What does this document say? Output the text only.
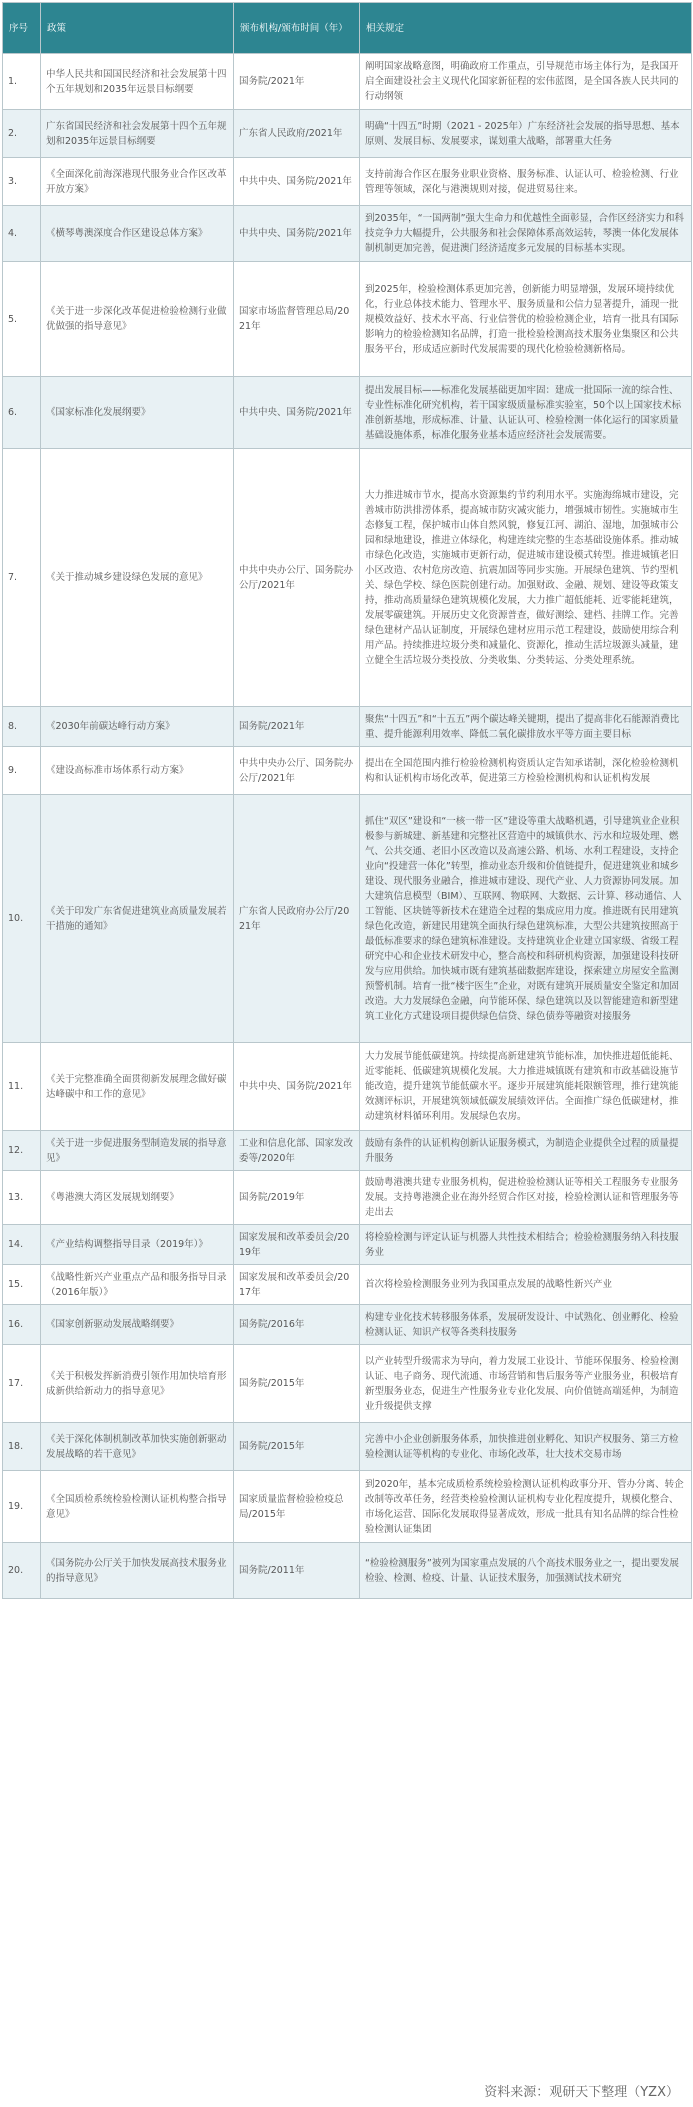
序号	政策	颁布机构/颁布时间（年）	相关规定
1.	中华人民共和国国民经济和社会发展第十四个五年规划和2035年远景目标纲要	国务院/2021年	阐明国家战略意图，明确政府工作重点，引导规范市场主体行为，是我国开启全面建设社会主义现代化国家新征程的宏伟蓝图，是全国各族人民共同的行动纲领
2.	广东省国民经济和社会发展第十四个五年规划和2035年远景目标纲要	广东省人民政府/2021年	明确“十四五”时期（2021 - 2025年）广东经济社会发展的指导思想、基本原则、发展目标、发展要求，谋划重大战略，部署重大任务
3.	《全面深化前海深港现代服务业合作区改革开放方案》	中共中央、国务院/2021年	支持前海合作区在服务业职业资格、服务标准、认证认可、检验检测、行业管理等领域，深化与港澳规则对接，促进贸易往来。
4.	《横琴粤澳深度合作区建设总体方案》	中共中央、国务院/2021年	到2035年，“一国两制”强大生命力和优越性全面彰显，合作区经济实力和科技竞争力大幅提升，公共服务和社会保障体系高效运转，琴澳一体化发展体制机制更加完善，促进澳门经济适度多元发展的目标基本实现。
5.	《关于进一步深化改革促进检验检测行业做优做强的指导意见》	国家市场监督管理总局/2021年	到2025年，检验检测体系更加完善，创新能力明显增强，发展环境持续优化，行业总体技术能力、管理水平、服务质量和公信力显著提升，涌现一批规模效益好、技术水平高、行业信誉优的检验检测企业，培育一批具有国际影响力的检验检测知名品牌，打造一批检验检测高技术服务业集聚区和公共服务平台，形成适应新时代发展需要的现代化检验检测新格局。
6.	《国家标准化发展纲要》	中共中央、国务院/2021年	提出发展目标——标准化发展基础更加牢固：建成一批国际一流的综合性、专业性标准化研究机构，若干国家级质量标准实验室，50个以上国家技术标准创新基地，形成标准、计量、认证认可、检验检测一体化运行的国家质量基础设施体系，标准化服务业基本适应经济社会发展需要。
7.	《关于推动城乡建设绿色发展的意见》	中共中央办公厅、国务院办公厅/2021年	大力推进城市节水，提高水资源集约节约利用水平。实施海绵城市建设，完善城市防洪排涝体系，提高城市防灾减灾能力，增强城市韧性。实施城市生态修复工程，保护城市山体自然风貌，修复江河、湖泊、湿地，加强城市公园和绿地建设，推进立体绿化，构建连续完整的生态基础设施体系。推动城市绿色化改造，实施城市更新行动，促进城市建设模式转型。推进城镇老旧小区改造、农村危房改造、抗震加固等同步实施。开展绿色建筑、节约型机关、绿色学校、绿色医院创建行动。加强财政、金融、规划、建设等政策支持，推动高质量绿色建筑规模化发展，大力推广超低能耗、近零能耗建筑，发展零碳建筑。开展历史文化资源普查，做好测绘、建档、挂牌工作。完善绿色建材产品认证制度，开展绿色建材应用示范工程建设，鼓励使用综合利用产品。持续推进垃圾分类和减量化、资源化，推动生活垃圾源头减量，建立健全生活垃圾分类投放、分类收集、分类转运、分类处理系统。
8.	《2030年前碳达峰行动方案》	国务院/2021年	聚焦“十四五”和“十五五”两个碳达峰关键期，提出了提高非化石能源消费比重、提升能源利用效率、降低二氧化碳排放水平等方面主要目标
9.	《建设高标准市场体系行动方案》	中共中央办公厅、国务院办公厅/2021年	提出在全国范围内推行检验检测机构资质认定告知承诺制，深化检验检测机构和认证机构市场化改革，促进第三方检验检测机构和认证机构发展
10.	《关于印发广东省促进建筑业高质量发展若干措施的通知》	广东省人民政府办公厅/2021年	抓住“双区”建设和“一核一带一区”建设等重大战略机遇，引导建筑业企业积极参与新城建、新基建和完整社区营造中的城镇供水、污水和垃圾处理、燃气、公共交通、老旧小区改造以及高速公路、机场、水利工程建设，支持企业向“投建营一体化”转型，推动业态升级和价值链提升，促进建筑业和城乡建设、现代服务业融合，推进城市建设、现代产业、人力资源协同发展。加大建筑信息模型（BIM）、互联网、物联网、大数据、云计算、移动通信、人工智能、区块链等新技术在建造全过程的集成应用力度。推进既有民用建筑绿色化改造，新建民用建筑全面执行绿色建筑标准，大型公共建筑按照高于最低标准要求的绿色建筑标准建设。支持建筑业企业建立国家级、省级工程研究中心和企业技术研发中心，整合高校和科研机构资源，加强建设科技研发与应用供给。加快城市既有建筑基础数据库建设，探索建立房屋安全监测预警机制。培育一批“楼宇医生”企业，对既有建筑开展质量安全鉴定和加固改造。大力发展绿色金融，向节能环保、绿色建筑以及以智能建造和新型建筑工业化方式建设项目提供绿色信贷、绿色债券等融资对接服务
11.	《关于完整准确全面贯彻新发展理念做好碳达峰碳中和工作的意见》	中共中央、国务院/2021年	大力发展节能低碳建筑。持续提高新建建筑节能标准，加快推进超低能耗、近零能耗、低碳建筑规模化发展。大力推进城镇既有建筑和市政基础设施节能改造，提升建筑节能低碳水平。逐步开展建筑能耗限额管理，推行建筑能效测评标识，开展建筑领域低碳发展绩效评估。全面推广绿色低碳建材，推动建筑材料循环利用。发展绿色农房。
12.	《关于进一步促进服务型制造发展的指导意见》	工业和信息化部、国家发改委等/2020年	鼓励有条件的认证机构创新认证服务模式，为制造企业提供全过程的质量提升服务
13.	《粤港澳大湾区发展规划纲要》	国务院/2019年	鼓励粤港澳共建专业服务机构，促进检验检测认证等相关工程服务专业服务发展。支持粤港澳企业在海外经贸合作区对接，检验检测认证和管理服务等走出去
14.	《产业结构调整指导目录（2019年）》	国家发展和改革委员会/2019年	将检验检测与评定认证与机器人共性技术相结合；检验检测服务纳入科技服务业
15.	《战略性新兴产业重点产品和服务指导目录（2016年版）》	国家发展和改革委员会/2017年	首次将检验检测服务业列为我国重点发展的战略性新兴产业
16.	《国家创新驱动发展战略纲要》	国务院/2016年	构建专业化技术转移服务体系，发展研发设计、中试熟化、创业孵化、检验检测认证、知识产权等各类科技服务
17.	《关于积极发挥新消费引领作用加快培育形成新供给新动力的指导意见》	国务院/2015年	以产业转型升级需求为导向，着力发展工业设计、节能环保服务、检验检测认证、电子商务、现代流通、市场营销和售后服务等产业服务业，积极培育新型服务业态，促进生产性服务业专业化发展、向价值链高端延伸，为制造业升级提供支撑
18.	《关于深化体制机制改革加快实施创新驱动发展战略的若干意见》	国务院/2015年	完善中小企业创新服务体系，加快推进创业孵化、知识产权服务、第三方检验检测认证等机构的专业化、市场化改革，壮大技术交易市场
19.	《全国质检系统检验检测认证机构整合指导意见》	国家质量监督检验检疫总局/2015年	到2020年，基本完成质检系统检验检测认证机构政事分开、管办分离、转企改制等改革任务，经营类检验检测认证机构专业化程度提升，规模化整合、市场化运营、国际化发展取得显著成效，形成一批具有知名品牌的综合性检验检测认证集团
20.	《国务院办公厅关于加快发展高技术服务业的指导意见》	国务院/2011年	“检验检测服务”被列为国家重点发展的八个高技术服务业之一，提出要发展检验、检测、检疫、计量、认证技术服务，加强测试技术研究
资料来源：观研天下整理（YZX）
